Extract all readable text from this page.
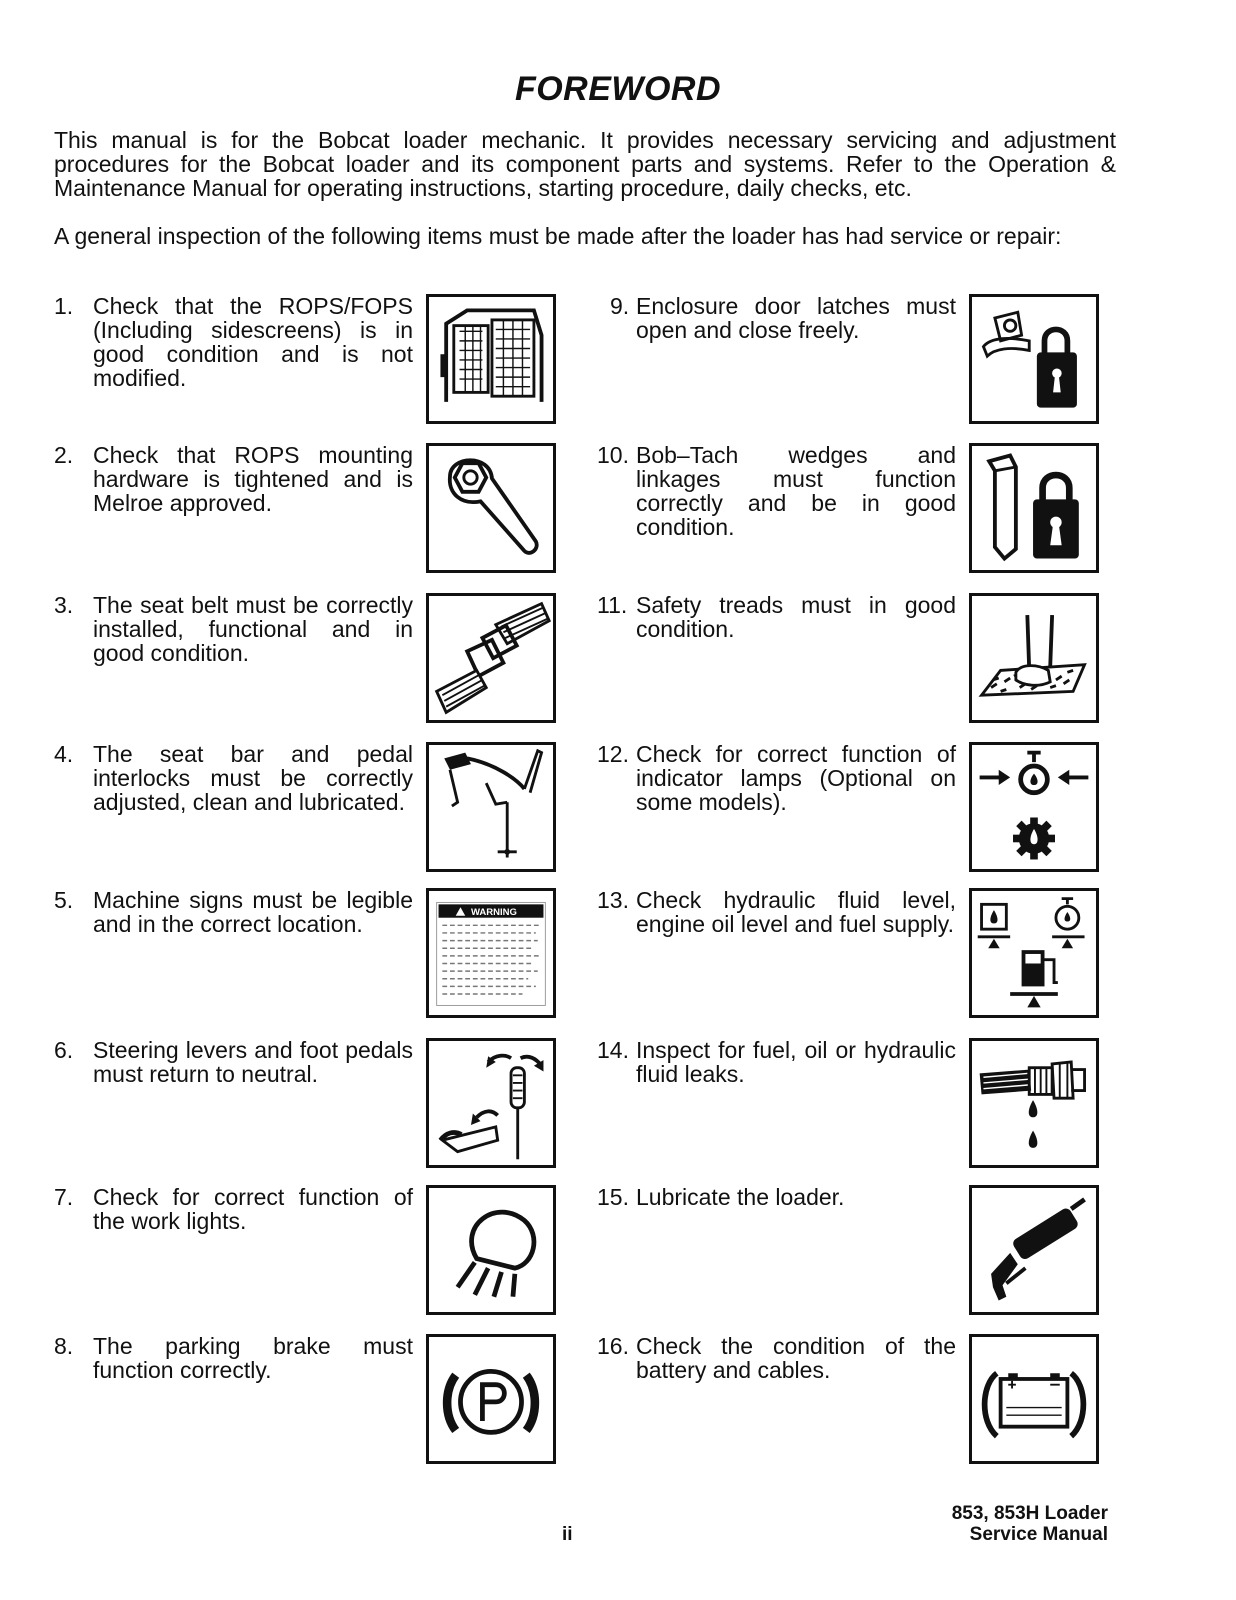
FOREWORD
This manual is for the Bobcat loader mechanic. It provides necessary servicing and adjustment procedures for the Bobcat loader and its component parts and systems. Refer to the Operation & Maintenance Manual for operating instructions, starting procedure, daily checks, etc.
A general inspection of the following items must be made after the loader has had service or repair:
1. Check that the ROPS/FOPS (Including sidescreens) is in good condition and is not modified.
2. Check that ROPS mounting hardware is tightened and is Melroe approved.
3. The seat belt must be correctly installed, functional and in good condition.
4. The seat bar and pedal interlocks must be correctly adjusted, clean and lubricated.
5. Machine signs must be legible and in the correct location.	WARNING
6. Steering levers and foot pedals must return to neutral.
7. Check for correct function of the work lights.
8. The parking brake must function correctly.
9. Enclosure door latches must open and close freely.
10. Bob–Tach wedges and linkages must function correctly and be in good condition.
11. Safety treads must in good condition.
12. Check for correct function of indicator lamps (Optional on some models).
13. Check hydraulic fluid level, engine oil level and fuel supply.
14. Inspect for fuel, oil or hydraulic fluid leaks.
15. Lubricate the loader.
16. Check the condition of the battery and cables.
ii
853, 853H Loader
Service Manual
